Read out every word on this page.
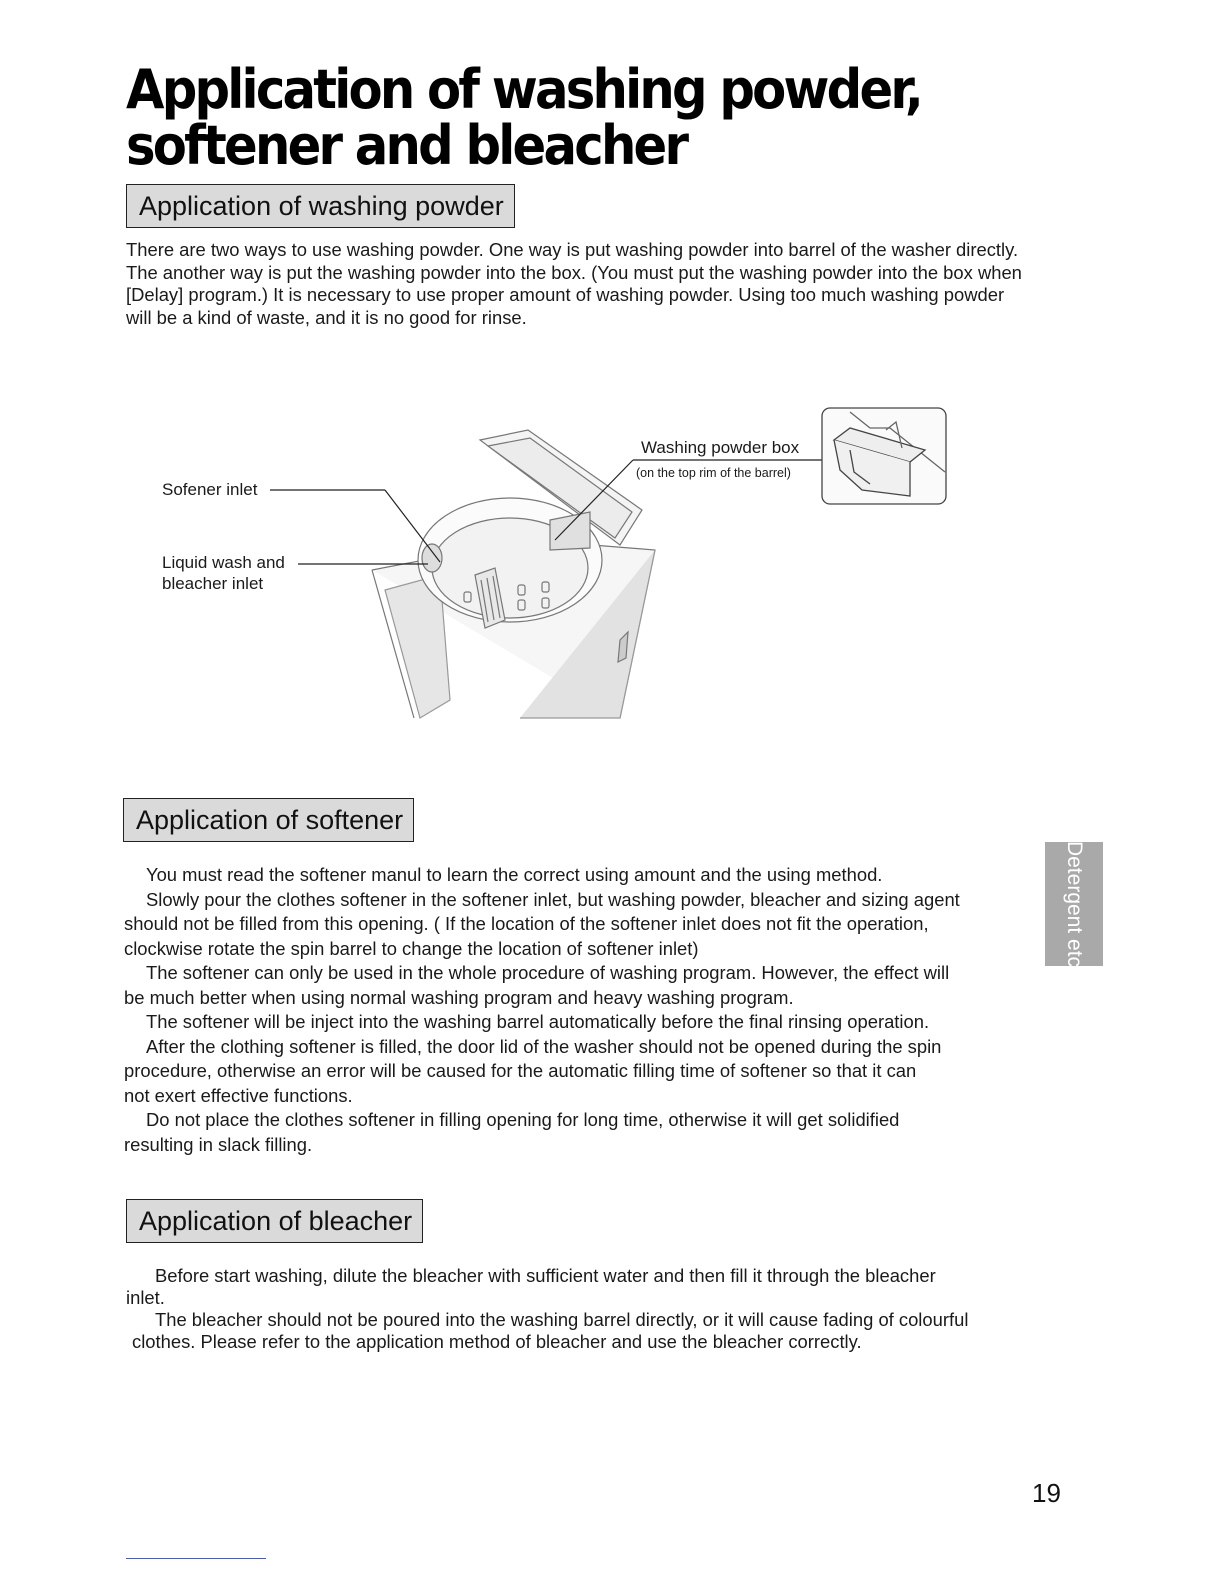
Application of washing powder,
softener and bleacher
Application of washing powder

There are two ways to use washing powder. One way is put washing powder into barrel of the washer directly. The another way is put the washing powder into the box. (You must put the washing powder into the box when [Delay] program.) It is necessary to use proper amount of washing powder. Using too much washing powder will be a kind of waste, and it is no good for rinse.

Sofener inlet
Liquid wash and
bleacher inlet
Washing powder box
(on the top rim of the barrel)
Application of softener
You must read the softener manul to learn the correct using amount and the using method.
Slowly pour the clothes softener in the softener inlet, but washing powder, bleacher and sizing agent
should not be filled from this opening. ( If the location of the softener inlet does not fit the operation,
clockwise rotate the spin barrel to change the location of softener inlet)
The softener can only be used in the whole procedure of washing program. However, the effect will
be much better when using normal washing program and heavy washing program.
The softener will be inject into the washing barrel automatically before the final rinsing operation.
After the clothing softener is filled, the door lid of the washer should not be opened during the spin
procedure, otherwise an error will be caused for the automatic filling time of softener so that it can
not exert effective functions.
Do not place the clothes softener in filling opening for long time, otherwise it will get solidified
resulting in slack filling.
Detergent etc
Application of bleacher
Before start washing, dilute the bleacher with sufficient water and then fill it through the bleacher
inlet.
The bleacher should not be poured into the washing barrel directly, or it will cause fading of colourful
clothes. Please refer to the application method of bleacher and use the bleacher correctly.
19
